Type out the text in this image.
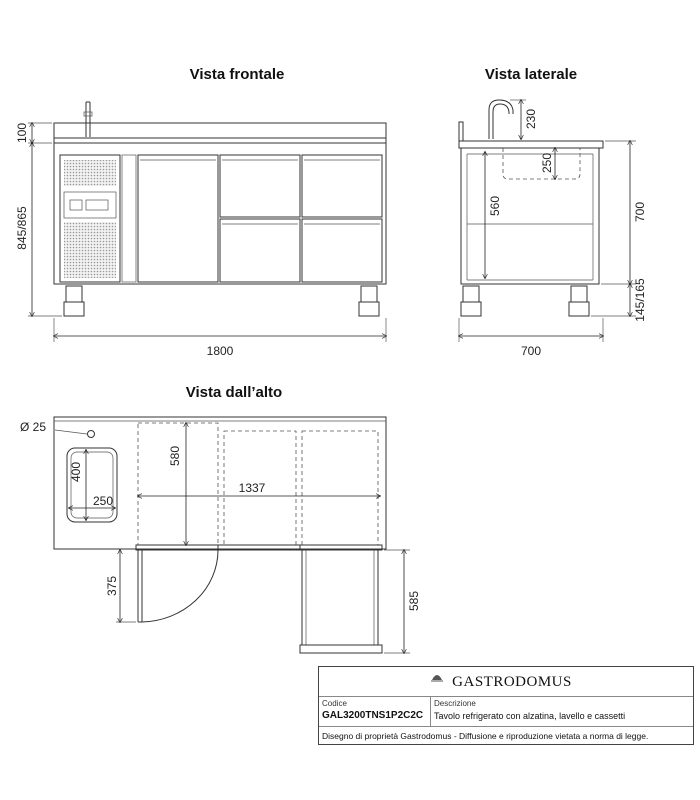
Vista frontale	Vista laterale
Vista dall’alto
100
845/865
1800
230
250
560	700
145/165
700
Ø 25
400
250
580
1337
375
585
GASTRODOMUS
Codice
GAL3200TNS1P2C2C
Descrizione
Tavolo refrigerato con alzatina, lavello e cassetti
Disegno di proprietà Gastrodomus - Diffusione e riproduzione vietata a norma di legge.
